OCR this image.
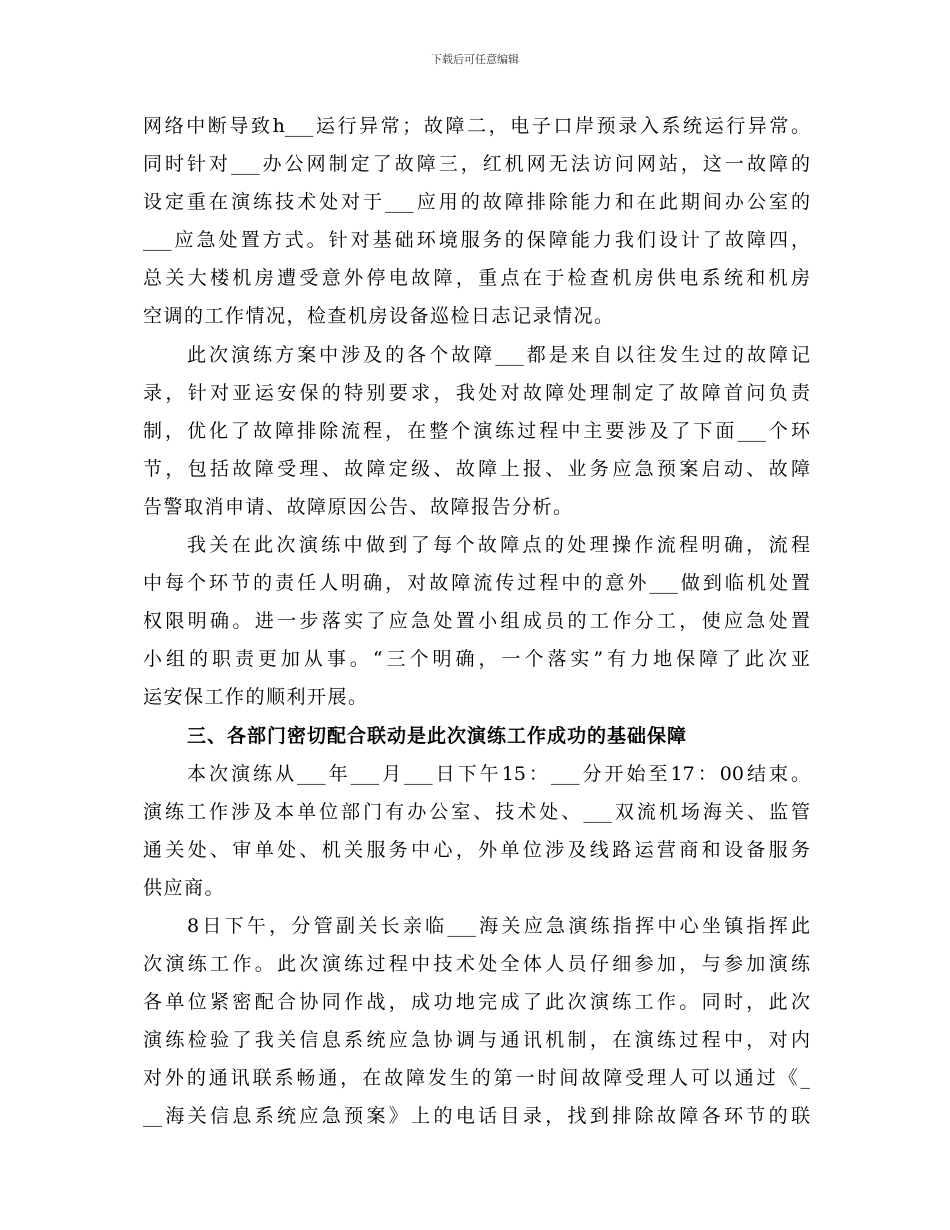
下载后可任意编辑
网络中断导致h___运行异常；故障二，电子口岸预录入系统运行异常。
同时针对___办公网制定了故障三，红机网无法访问网站，这一故障的
设定重在演练技术处对于___应用的故障排除能力和在此期间办公室的
___应急处置方式。针对基础环境服务的保障能力我们设计了故障四，
总关大楼机房遭受意外停电故障，重点在于检查机房供电系统和机房
空调的工作情况，检查机房设备巡检日志记录情况。
此次演练方案中涉及的各个故障___都是来自以往发生过的故障记
录，针对亚运安保的特别要求，我处对故障处理制定了故障首问负责
制，优化了故障排除流程，在整个演练过程中主要涉及了下面___个环
节，包括故障受理、故障定级、故障上报、业务应急预案启动、故障
告警取消申请、故障原因公告、故障报告分析。
我关在此次演练中做到了每个故障点的处理操作流程明确，流程
中每个环节的责任人明确，对故障流传过程中的意外___做到临机处置
权限明确。进一步落实了应急处置小组成员的工作分工，使应急处置
小组的职责更加从事。“三个明确，一个落实”有力地保障了此次亚
运安保工作的顺利开展。
三、各部门密切配合联动是此次演练工作成功的基础保障
本次演练从___年___月___日下午15：___分开始至17：00结束。
演练工作涉及本单位部门有办公室、技术处、___双流机场海关、监管
通关处、审单处、机关服务中心，外单位涉及线路运营商和设备服务
供应商。
8日下午，分管副关长亲临___海关应急演练指挥中心坐镇指挥此
次演练工作。此次演练过程中技术处全体人员仔细参加，与参加演练
各单位紧密配合协同作战，成功地完成了此次演练工作。同时，此次
演练检验了我关信息系统应急协调与通讯机制，在演练过程中，对内
对外的通讯联系畅通，在故障发生的第一时间故障受理人可以通过《_
__海关信息系统应急预案》上的电话目录，找到排除故障各环节的联
